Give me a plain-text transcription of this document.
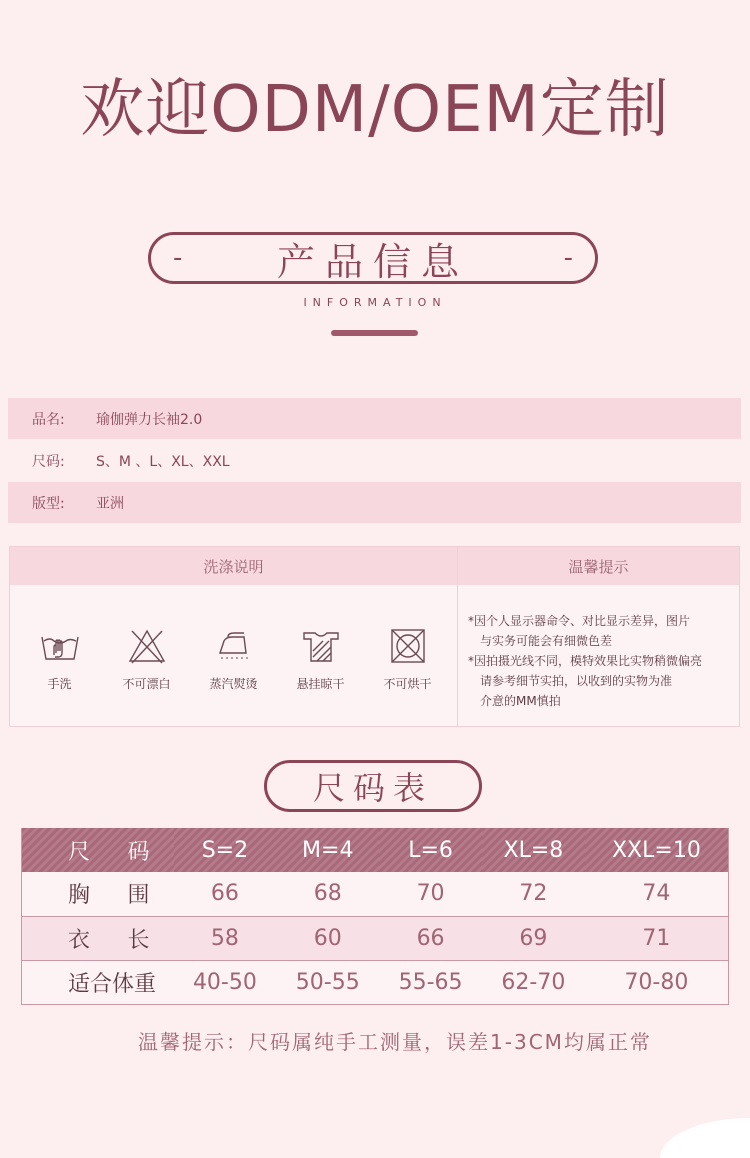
欢迎ODM/OEM定制
- 产品信息	-
INFORMATION
品名:	瑜伽弹力长袖2.0
尺码:	S、M 、L、XL、XXL
版型:	亚洲
洗涤说明
手洗	不可漂白	蒸汽熨烫	悬挂晾干	不可烘干
温馨提示

*因个人显示器命令、对比显示差异，图片

与实务可能会有细微色差

*因拍摄光线不同，模特效果比实物稍微偏亮

请参考细节实拍，以收到的实物为准

介意的MM慎拍

尺码表
尺 码	S=2	M=4	L=6	XL=8	XXL=10

胸 围	66	68	70	72	74

衣 长	58	60	66	69	71

适合体重	40-50	50-55	55-65	62-70	70-80
温馨提示：尺码属纯手工测量，误差1-3CM均属正常
